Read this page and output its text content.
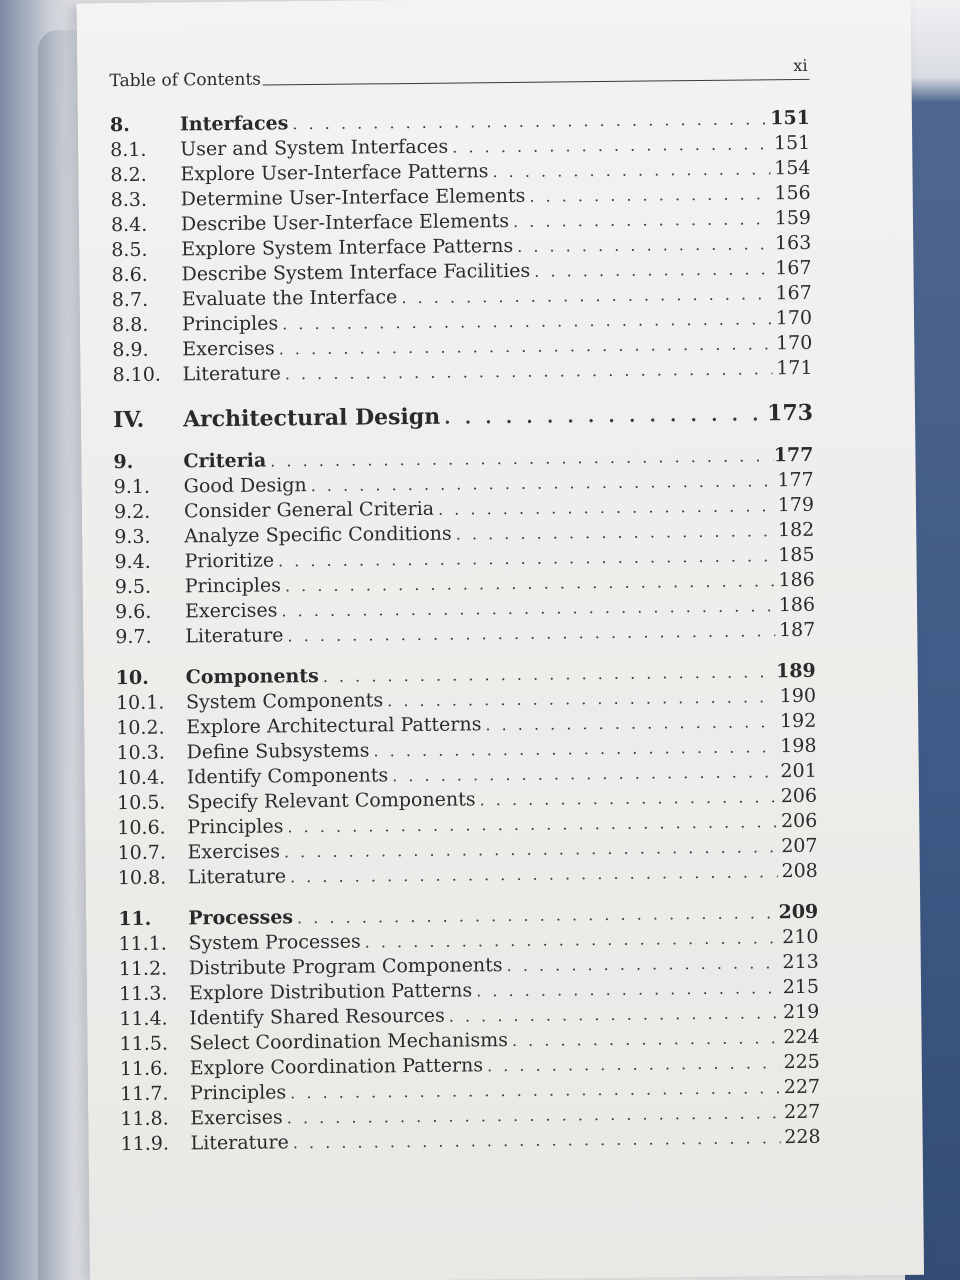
Table of Contents
xi
8.	Interfaces . . .	151
8.1.	User and System Interfaces . . .	151
8.2.	Explore User-Interface Patterns . . .	154
8.3.	Determine User-Interface Elements . . .	156
8.4.	Describe User-Interface Elements . . .	159
8.5.	Explore System Interface Patterns . . .	163
8.6.	Describe System Interface Facilities . . .	167
8.7.	Evaluate the Interface . . .	167
8.8.	Principles . . .	170
8.9.	Exercises . . .	170
8.10.	Literature . . .	171
IV.	Architectural Design . . .	173
9.	Criteria . . .	177
9.1.	Good Design . . .	177
9.2.	Consider General Criteria . . .	179
9.3.	Analyze Specific Conditions . . .	182
9.4.	Prioritize . . .	185
9.5.	Principles . . .	186
9.6.	Exercises . . .	186
9.7.	Literature . . .	187
10.	Components . . .	189
10.1.	System Components . . .	190
10.2.	Explore Architectural Patterns . . .	192
10.3.	Define Subsystems . . .	198
10.4.	Identify Components . . .	201
10.5.	Specify Relevant Components . . .	206
10.6.	Principles . . .	206
10.7.	Exercises . . .	207
10.8.	Literature . . .	208
11.	Processes . . .	209
11.1.	System Processes . . .	210
11.2.	Distribute Program Components . . .	213
11.3.	Explore Distribution Patterns . . .	215
11.4.	Identify Shared Resources . . .	219
11.5.	Select Coordination Mechanisms . . .	224
11.6.	Explore Coordination Patterns . . .	225
11.7.	Principles . . .	227
11.8.	Exercises . . .	227
11.9.	Literature . . .	228
